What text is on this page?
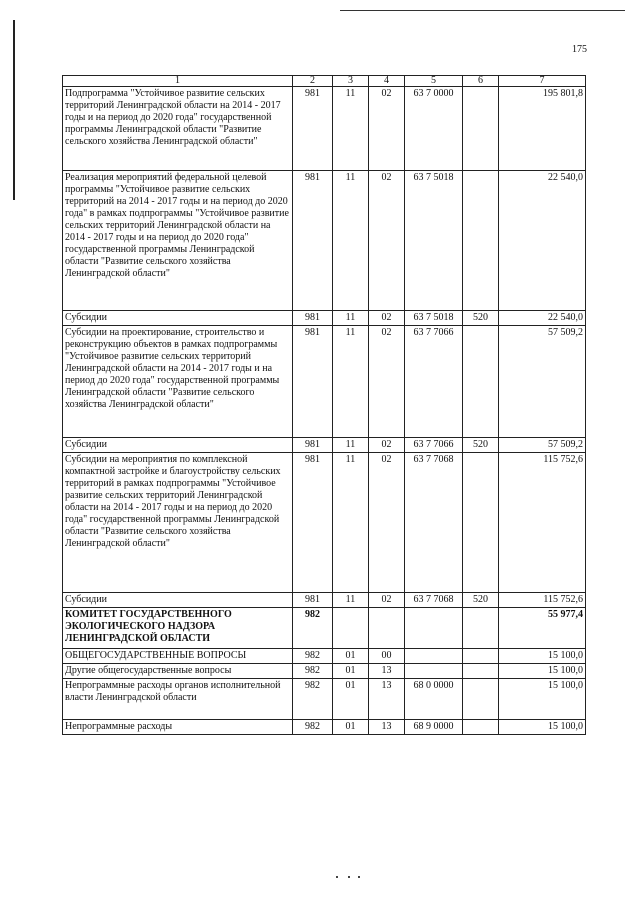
175
1	2	3	4	5	6	7
Подпрограмма "Устойчивое развитие сельских территорий Ленинградской области на 2014 - 2017 годы и на период до 2020 года" государственной программы Ленинградской области "Развитие сельского хозяйства Ленинградской области"	981	11	02	63 7 0000		195 801,8
Реализация мероприятий федеральной целевой программы "Устойчивое развитие сельских территорий на 2014 - 2017 годы и на период до 2020 года" в рамках подпрограммы "Устойчивое развитие сельских территорий Ленинградской области на 2014 - 2017 годы и на период до 2020 года" государственной программы Ленинградской области "Развитие сельского хозяйства Ленинградской области"	981	11	02	63 7 5018		22 540,0
Субсидии	981	11	02	63 7 5018	520	22 540,0
Субсидии на проектирование, строительство и реконструкцию объектов в рамках подпрограммы "Устойчивое развитие сельских территорий Ленинградской области на 2014 - 2017 годы и на период до 2020 года" государственной программы Ленинградской области "Развитие сельского хозяйства Ленинградской области"	981	11	02	63 7 7066		57 509,2
Субсидии	981	11	02	63 7 7066	520	57 509,2
Субсидии на мероприятия по комплексной компактной застройке и благоустройству сельских территорий в рамках подпрограммы "Устойчивое развитие сельских территорий Ленинградской области на 2014 - 2017 годы и на период до 2020 года" государственной программы Ленинградской области "Развитие сельского хозяйства Ленинградской области"	981	11	02	63 7 7068		115 752,6
Субсидии	981	11	02	63 7 7068	520	115 752,6
КОМИТЕТ ГОСУДАРСТВЕННОГО ЭКОЛОГИЧЕСКОГО НАДЗОРА ЛЕНИНГРАДСКОЙ ОБЛАСТИ	982					55 977,4
ОБЩЕГОСУДАРСТВЕННЫЕ ВОПРОСЫ	982	01	00			15 100,0
Другие общегосударственные вопросы	982	01	13			15 100,0
Непрограммные расходы органов исполнительной власти Ленинградской области	982	01	13	68 0 0000		15 100,0
Непрограммные расходы	982	01	13	68 9 0000		15 100,0
